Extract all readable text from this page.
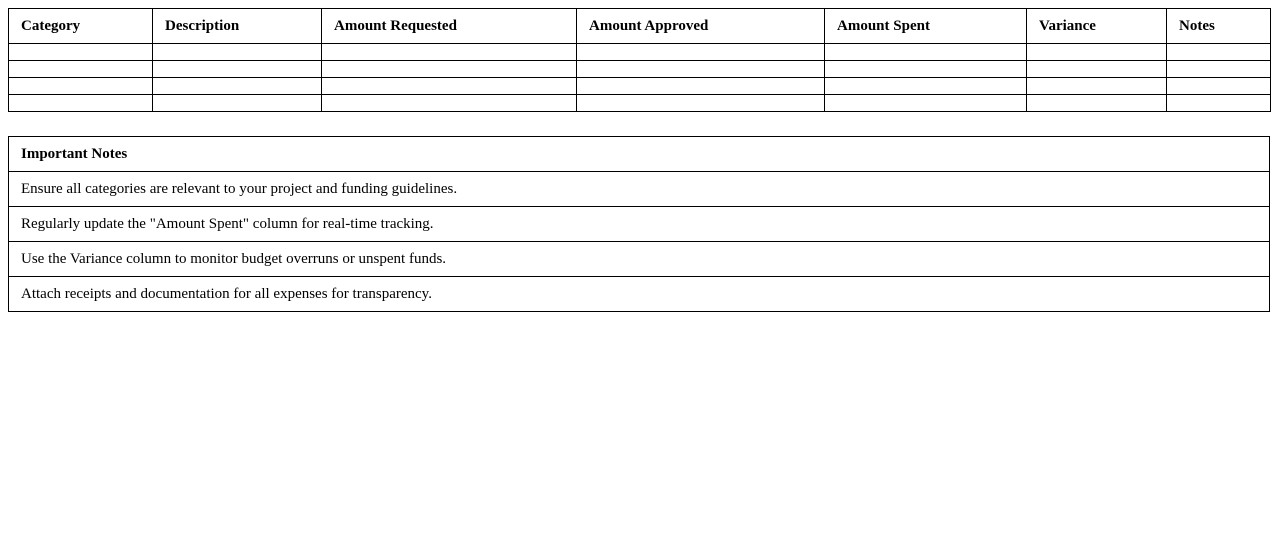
Category	Description	Amount Requested	Amount Approved	Amount Spent	Variance	Notes

Important Notes
Ensure all categories are relevant to your project and funding guidelines.
Regularly update the "Amount Spent" column for real-time tracking.
Use the Variance column to monitor budget overruns or unspent funds.
Attach receipts and documentation for all expenses for transparency.
